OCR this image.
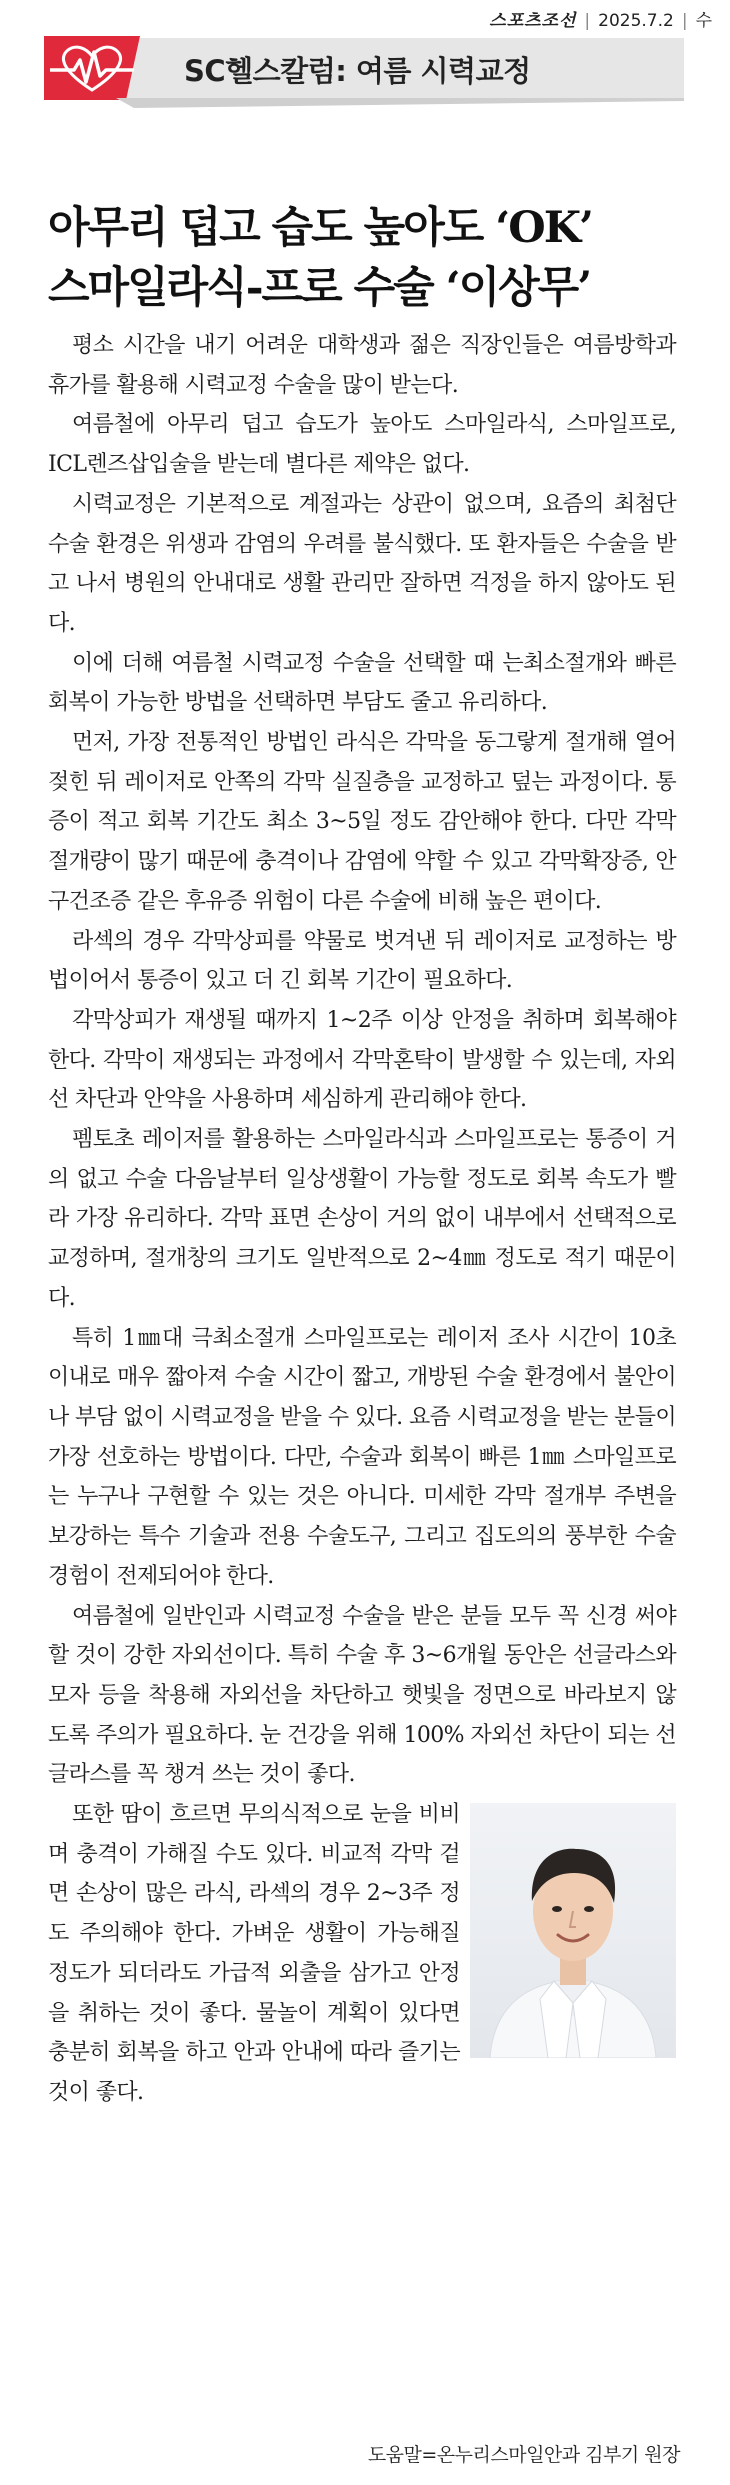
스포츠조선 | 2025.7.2 | 수
SC헬스칼럼: 여름 시력교정
아무리 덥고 습도 높아도 ‘OK’
스마일라식-프로 수술 ‘이상무’

평소 시간을 내기 어려운 대학생과 젊은 직장인들은 여름방학과 휴가를 활용해 시력교정 수술을 많이 받는다.

여름철에 아무리 덥고 습도가 높아도 스마일라식, 스마일프로, ICL렌즈삽입술을 받는데 별다른 제약은 없다.

시력교정은 기본적으로 계절과는 상관이 없으며, 요즘의 최첨단 수술 환경은 위생과 감염의 우려를 불식했다. 또 환자들은 수술을 받고 나서 병원의 안내대로 생활 관리만 잘하면 걱정을 하지 않아도 된다.

이에 더해 여름철 시력교정 수술을 선택할 때 는최소절개와 빠른 회복이 가능한 방법을 선택하면 부담도 줄고 유리하다.

먼저, 가장 전통적인 방법인 라식은 각막을 동그랗게 절개해 열어젖힌 뒤 레이저로 안쪽의 각막 실질층을 교정하고 덮는 과정이다. 통증이 적고 회복 기간도 최소 3~5일 정도 감안해야 한다. 다만 각막 절개량이 많기 때문에 충격이나 감염에 약할 수 있고 각막확장증, 안구건조증 같은 후유증 위험이 다른 수술에 비해 높은 편이다.

라섹의 경우 각막상피를 약물로 벗겨낸 뒤 레이저로 교정하는 방법이어서 통증이 있고 더 긴 회복 기간이 필요하다.

각막상피가 재생될 때까지 1~2주 이상 안정을 취하며 회복해야 한다. 각막이 재생되는 과정에서 각막혼탁이 발생할 수 있는데, 자외선 차단과 안약을 사용하며 세심하게 관리해야 한다.

펨토초 레이저를 활용하는 스마일라식과 스마일프로는 통증이 거의 없고 수술 다음날부터 일상생활이 가능할 정도로 회복 속도가 빨라 가장 유리하다. 각막 표면 손상이 거의 없이 내부에서 선택적으로 교정하며, 절개창의 크기도 일반적으로 2~4㎜ 정도로 적기 때문이다.

특히 1㎜대 극최소절개 스마일프로는 레이저 조사 시간이 10초 이내로 매우 짧아져 수술 시간이 짧고, 개방된 수술 환경에서 불안이나 부담 없이 시력교정을 받을 수 있다. 요즘 시력교정을 받는 분들이 가장 선호하는 방법이다. 다만, 수술과 회복이 빠른 1㎜ 스마일프로는 누구나 구현할 수 있는 것은 아니다. 미세한 각막 절개부 주변을 보강하는 특수 기술과 전용 수술도구, 그리고 집도의의 풍부한 수술 경험이 전제되어야 한다.

여름철에 일반인과 시력교정 수술을 받은 분들 모두 꼭 신경 써야 할 것이 강한 자외선이다. 특히 수술 후 3~6개월 동안은 선글라스와 모자 등을 착용해 자외선을 차단하고 햇빛을 정면으로 바라보지 않도록 주의가 필요하다. 눈 건강을 위해 100% 자외선 차단이 되는 선글라스를 꼭 챙겨 쓰는 것이 좋다.

또한 땀이 흐르면 무의식적으로 눈을 비비며 충격이 가해질 수도 있다. 비교적 각막 겉면 손상이 많은 라식, 라섹의 경우 2~3주 정도 주의해야 한다. 가벼운 생활이 가능해질 정도가 되더라도 가급적 외출을 삼가고 안정을 취하는 것이 좋다. 물놀이 계획이 있다면 충분히 회복을 하고 안과 안내에 따라 즐기는 것이 좋다.

도움말=온누리스마일안과 김부기 원장
